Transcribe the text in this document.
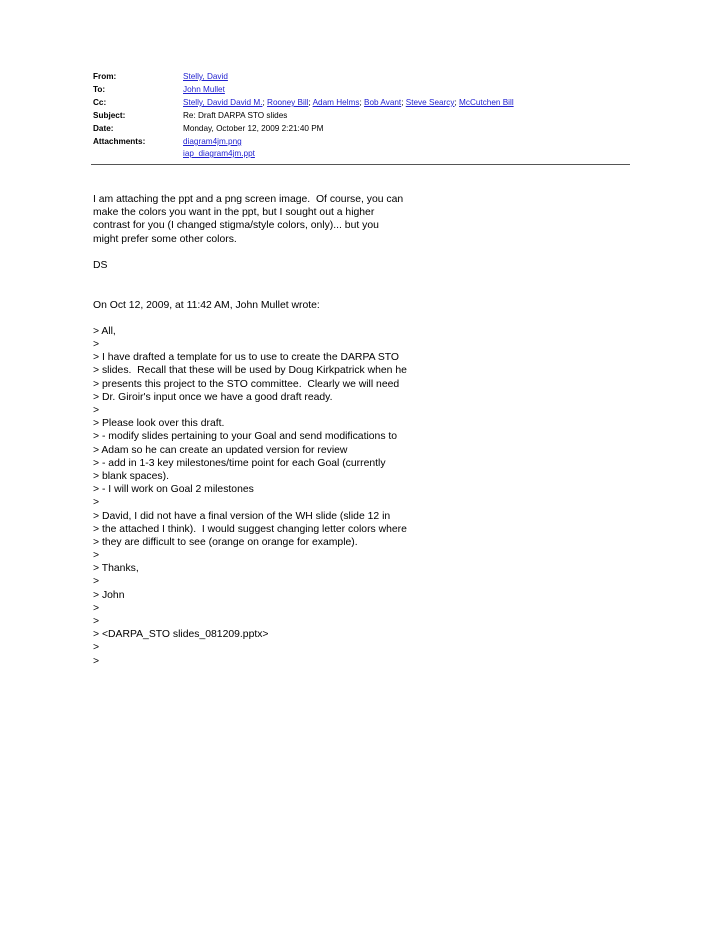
From:	Stelly, David
To:	John Mullet
Cc:	Stelly, David David M.; Rooney Bill; Adam Helms; Bob Avant; Steve Searcy; McCutchen Bill
Subject:	Re: Draft DARPA STO slides
Date:	Monday, October 12, 2009 2:21:40 PM
Attachments:	diagram4jm.png
iap_diagram4jm.ppt
I am attaching the ppt and a png screen image.  Of course, you can
make the colors you want in the ppt, but I sought out a higher
contrast for you (I changed stigma/style colors, only)... but you
might prefer some other colors.
DS
On Oct 12, 2009, at 11:42 AM, John Mullet wrote:
> All,
>
> I have drafted a template for us to use to create the DARPA STO
> slides.  Recall that these will be used by Doug Kirkpatrick when he
> presents this project to the STO committee.  Clearly we will need
> Dr. Giroir's input once we have a good draft ready.
>
> Please look over this draft.
> - modify slides pertaining to your Goal and send modifications to
> Adam so he can create an updated version for review
> - add in 1-3 key milestones/time point for each Goal (currently
> blank spaces).
> - I will work on Goal 2 milestones
>
> David, I did not have a final version of the WH slide (slide 12 in
> the attached I think).  I would suggest changing letter colors where
> they are difficult to see (orange on orange for example).
>
> Thanks,
>
> John
>
>
> <DARPA_STO slides_081209.pptx>
>
>
